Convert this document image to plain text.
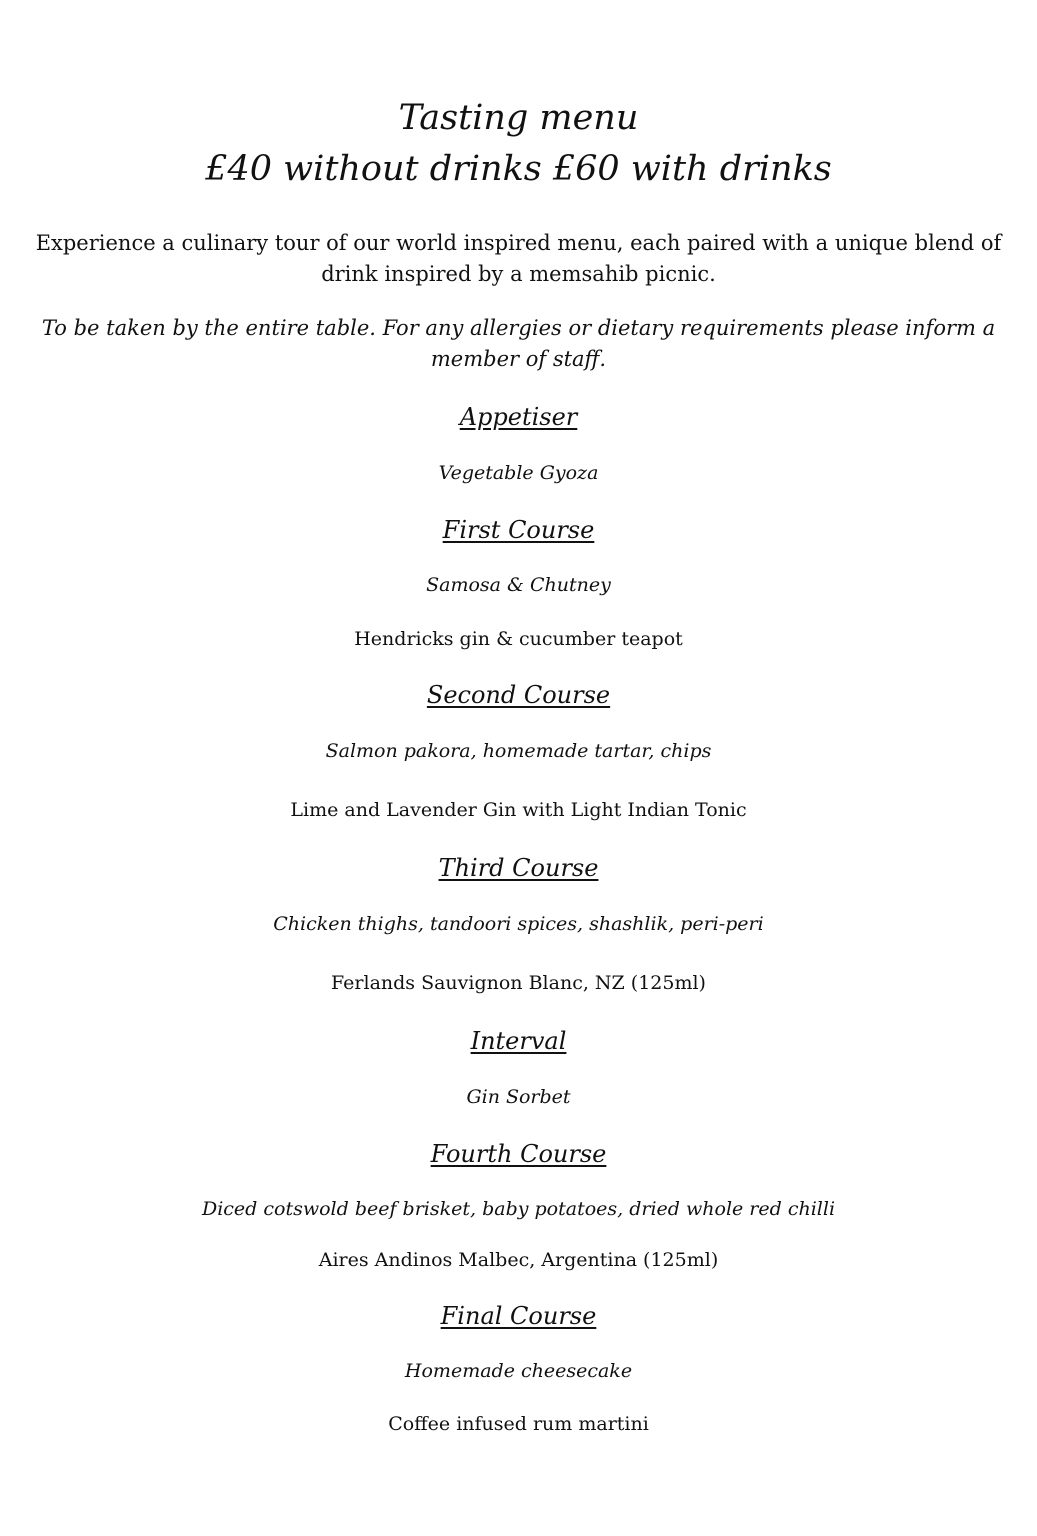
Tasting menu
£40 without drinks £60 with drinks
Experience a culinary tour of our world inspired menu, each paired with a unique blend of
drink inspired by a memsahib picnic.
To be taken by the entire table. For any allergies or dietary requirements please inform a
member of staff.
Appetiser
Vegetable Gyoza
First Course
Samosa & Chutney
Hendricks gin & cucumber teapot
Second Course
Salmon pakora, homemade tartar, chips
Lime and Lavender Gin with Light Indian Tonic
Third Course
Chicken thighs, tandoori spices, shashlik, peri-peri
Ferlands Sauvignon Blanc, NZ (125ml)
Interval
Gin Sorbet
Fourth Course
Diced cotswold beef brisket, baby potatoes, dried whole red chilli
Aires Andinos Malbec, Argentina (125ml)
Final Course
Homemade cheesecake
Coffee infused rum martini
